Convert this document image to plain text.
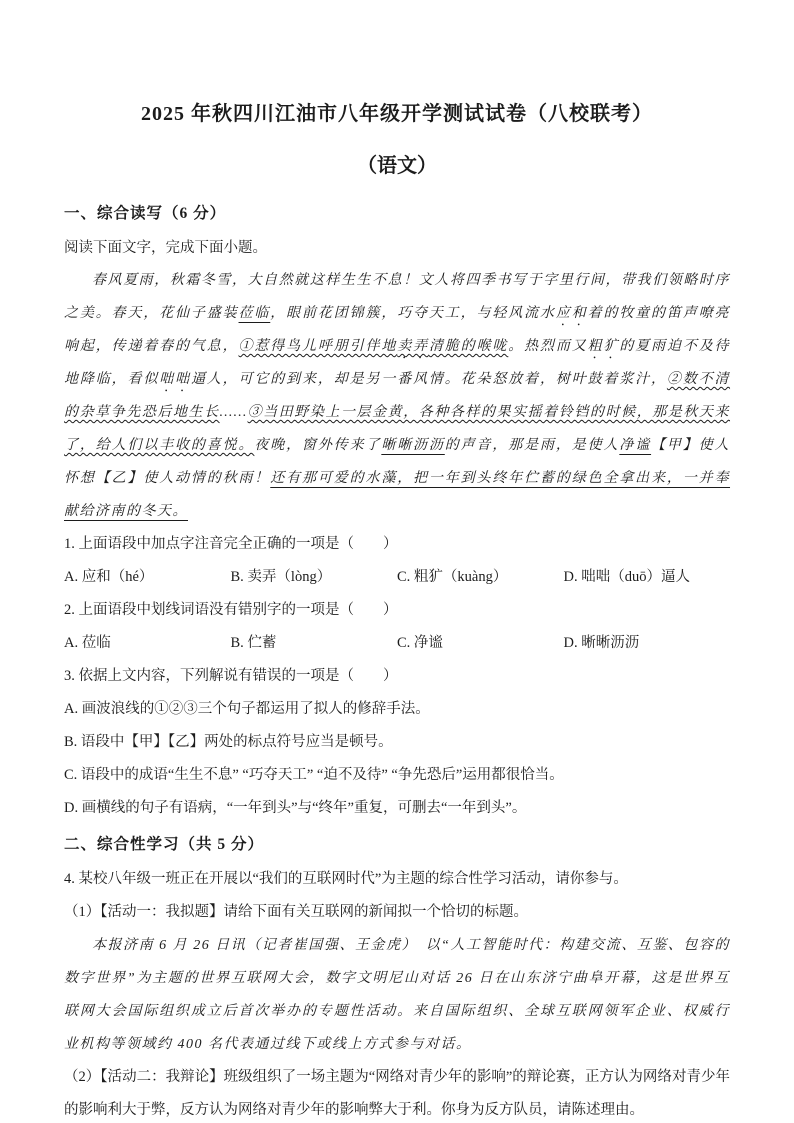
2025 年秋四川江油市八年级开学测试试卷（八校联考）
（语文）
一、综合读写（6 分）

阅读下面文字，完成下面小题。

春风夏雨，秋霜冬雪，大自然就这样生生不息！文人将四季书写于字里行间，带我们领略时序之美。春天，花仙子盛装莅临，眼前花团锦簇，巧夺天工，与轻风流水应和着的牧童的笛声嘹亮响起，传递着春的气息，①惹得鸟儿呼朋引伴地卖弄清脆的喉咙。热烈而又粗犷的夏雨迫不及待地降临，看似咄咄逼人，可它的到来，却是另一番风情。花朵怒放着，树叶鼓着浆汁，②数不清的杂草争先恐后地生长……③当田野染上一层金黄，各种各样的果实摇着铃铛的时候，那是秋天来了，给人们以丰收的喜悦。夜晚，窗外传来了晰晰沥沥的声音，那是雨，是使人净谧【甲】使人怀想【乙】使人动情的秋雨！还有那可爱的水藻，把一年到头终年伫蓄的绿色全拿出来，一并奉献给济南的冬天。

1. 上面语段中加点字注音完全正确的一项是（　　）

A. 应和（hé）	B. 卖弄（lòng）	C. 粗犷（kuàng）	D. 咄咄（duō）逼人

2. 上面语段中划线词语没有错别字的一项是（　　）

A. 莅临	B. 伫蓄	C. 净谧	D. 晰晰沥沥

3. 依据上文内容，下列解说有错误的一项是（　　）

A. 画波浪线的①②③三个句子都运用了拟人的修辞手法。

B. 语段中【甲】【乙】两处的标点符号应当是顿号。

C. 语段中的成语“生生不息” “巧夺天工” “迫不及待” “争先恐后”运用都很恰当。

D. 画横线的句子有语病，“一年到头”与“终年”重复，可删去“一年到头”。

二、综合性学习（共 5 分）

4. 某校八年级一班正在开展以“我们的互联网时代”为主题的综合性学习活动，请你参与。

（1）【活动一：我拟题】请给下面有关互联网的新闻拟一个恰切的标题。

本报济南 6 月 26 日讯（记者崔国强、王金虎）　以“人工智能时代：构建交流、互鉴、包容的数字世界”为主题的世界互联网大会，数字文明尼山对话 26 日在山东济宁曲阜开幕，这是世界互联网大会国际组织成立后首次举办的专题性活动。来自国际组织、全球互联网领军企业、权威行业机构等领域约 400 名代表通过线下或线上方式参与对话。

（2）【活动二：我辩论】班级组织了一场主题为“网络对青少年的影响”的辩论赛，正方认为网络对青少年的影响利大于弊，反方认为网络对青少年的影响弊大于利。你身为反方队员，请陈述理由。
